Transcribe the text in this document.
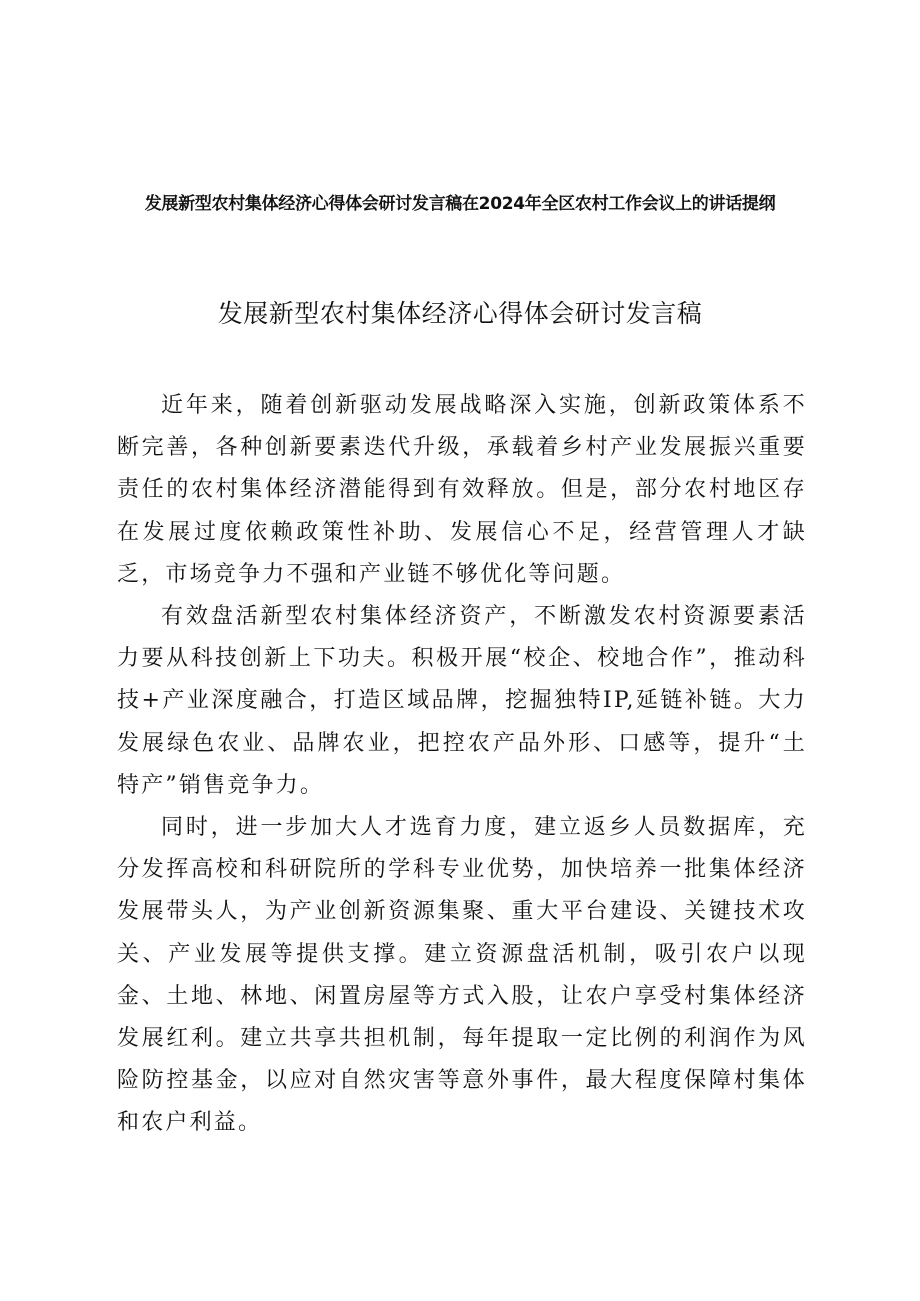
发展新型农村集体经济心得体会研讨发言稿在2024年全区农村工作会议上的讲话提纲
发展新型农村集体经济心得体会研讨发言稿

近年来，随着创新驱动发展战略深入实施，创新政策体系不断完善，各种创新要素迭代升级，承载着乡村产业发展振兴重要责任的农村集体经济潜能得到有效释放。但是，部分农村地区存在发展过度依赖政策性补助、发展信心不足，经营管理人才缺乏，市场竞争力不强和产业链不够优化等问题。

有效盘活新型农村集体经济资产，不断激发农村资源要素活力要从科技创新上下功夫。积极开展“校企、校地合作”，推动科技+产业深度融合，打造区域品牌，挖掘独特IP,延链补链。大力发展绿色农业、品牌农业，把控农产品外形、口感等，提升“土特产”销售竞争力。

同时，进一步加大人才选育力度，建立返乡人员数据库，充分发挥高校和科研院所的学科专业优势，加快培养一批集体经济发展带头人，为产业创新资源集聚、重大平台建设、关键技术攻关、产业发展等提供支撑。建立资源盘活机制，吸引农户以现金、土地、林地、闲置房屋等方式入股，让农户享受村集体经济发展红利。建立共享共担机制，每年提取一定比例的利润作为风险防控基金，以应对自然灾害等意外事件，最大程度保障村集体和农户利益。
